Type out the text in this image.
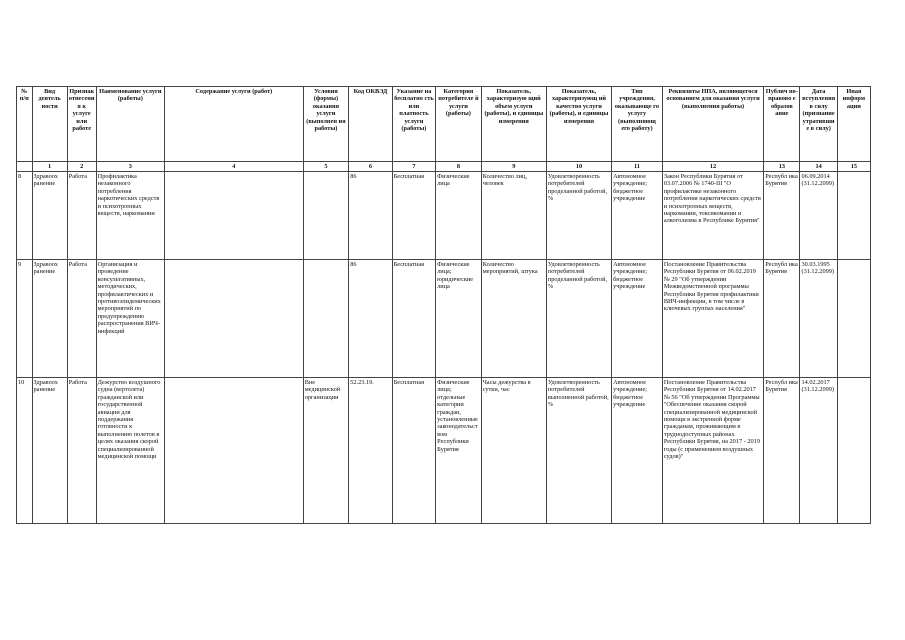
№ п/п	Вид деятель ности	Признак отнесени я к услуге или работе	Наименование услуги (работы)	Содержание услуги (работ)	Условия (формы) оказания услуги (выполнен ия работы)	Код ОКВЭД	Указание на бесплатно сть или платность услуги (работы)	Категория потребителе й услуги (работы)	Показатель, характеризую щий объем услуги (работы), и единицы измерения	Показатель, характеризующ ий качество услуги (работы), и единицы измерения	Тип учреждения, оказывающе го услугу (выполняющ его работу)	Реквизиты НПА, являющегося основанием для оказания услуги (выполнения работы)	Публич но- правово е образов ание	Дата вступления в силу (признание утратившие в силу)	Иная информ ации
	1	2	3	4	5	6	7	8	9	10	11	12	13	14	15
8	Здравоох ранение	Работа	Профилактика незаконного потребления наркотических средств и психотропных веществ, наркомании			86	Бесплатная	Физические лица	Количество лиц, человек	Удовлетворенность потребителей проделанной работой, %	Автономное учреждение; бюджетное учреждение	Закон Республики Бурятия от 03.07.2006 № 1740-III "О профилактике незаконного потребления наркотических средств и психотропных веществ, наркомании, токсикомании и алкоголизма в Республике Бурятия"	Республ ика Бурятия	06.09.2014 (31.12.2099)	
9	Здравоох ранение	Работа	Организация и проведение консультативных, методических, профилактических и противоэпидемических мероприятий по предупреждению распространения ВИЧ-инфекций			86	Бесплатная	Физические лица; юридические лица	Количество мероприятий, штука	Удовлетворенность потребителей проделанной работой, %	Автономное учреждение; бюджетное учреждение	Постановление Правительства Республики Бурятия от 06.02.2019 № 29 "Об утверждении Межведомственной программы Республики Бурятия профилактики ВИЧ-инфекции, в том числе в ключевых группах населения"	Республ ика Бурятия	30.03.1995 (31.12.2099)	
10	Здравоох ранение	Работа	Дежурство воздушного судна (вертолета) гражданской или государственной авиации для поддержания готовности к выполнению полетов в целях оказания скорой специализированной медицинской помощи		Вне медицинской организации	52.23.19.	Бесплатная	Физические лица; отдельные категории граждан, установленные законодательством Республики Бурятия	Часы дежурства в сутки, час	Удовлетворенность потребителей выполненной работой, %	Автономное учреждение; бюджетное учреждение	Постановление Правительства Республики Бурятия от 14.02.2017 № 56 "Об утверждении Программы "Обеспечение оказания скорой специализированной медицинской помощи в экстренной форме гражданам, проживающим в труднодоступных районах Республики Бурятия, на 2017 - 2019 годы (с применением воздушных судов)"	Республ ика Бурятия	14.02.2017 (31.12.2099)	
